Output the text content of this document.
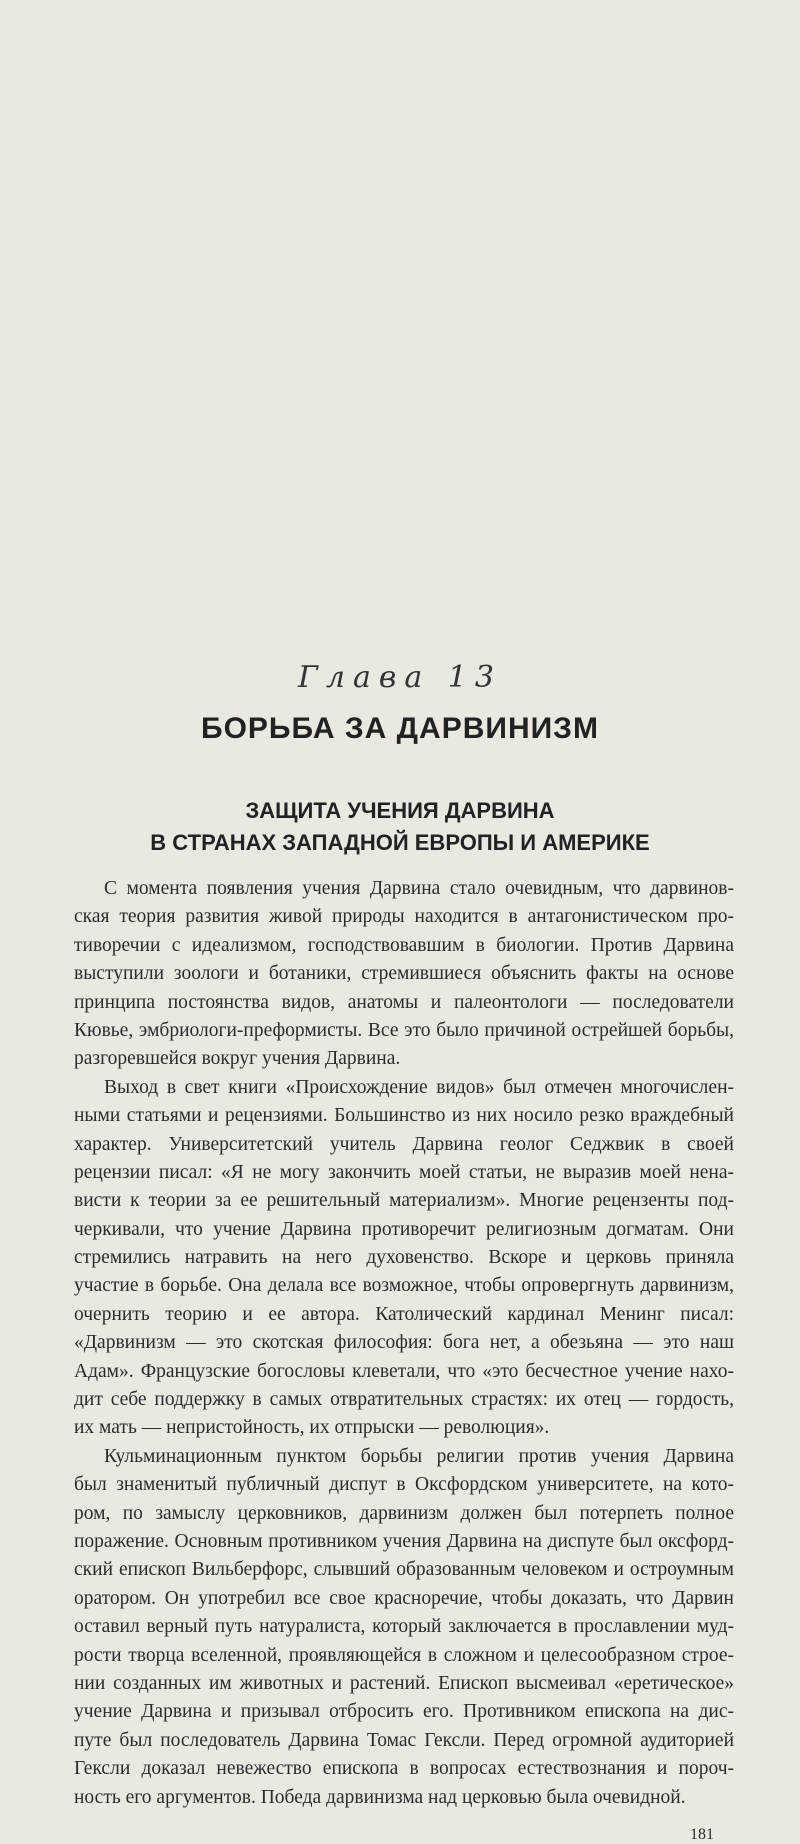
Глава 13
БОРЬБА ЗА ДАРВИНИЗМ
ЗАЩИТА УЧЕНИЯ ДАРВИНА
В СТРАНАХ ЗАПАДНОЙ ЕВРОПЫ И АМЕРИКЕ
С момента появления учения Дарвина стало очевидным, что дарвинов-
ская теория развития живой природы находится в антагонистическом про-
тиворечии с идеализмом, господствовавшим в биологии. Против Дарвина
выступили зоологи и ботаники, стремившиеся объяснить факты на основе
принципа постоянства видов, анатомы и палеонтологи — последователи
Кювье, эмбриологи-преформисты. Все это было причиной острейшей борьбы,
разгоревшейся вокруг учения Дарвина.
Выход в свет книги «Происхождение видов» был отмечен многочислен-
ными статьями и рецензиями. Большинство из них носило резко враждебный
характер. Университетский учитель Дарвина геолог Седжвик в своей
рецензии писал: «Я не могу закончить моей статьи, не выразив моей нена-
висти к теории за ее решительный материализм». Многие рецензенты под-
черкивали, что учение Дарвина противоречит религиозным догматам. Они
стремились натравить на него духовенство. Вскоре и церковь приняла
участие в борьбе. Она делала все возможное, чтобы опровергнуть дарвинизм,
очернить теорию и ее автора. Католический кардинал Менинг писал:
«Дарвинизм — это скотская философия: бога нет, а обезьяна — это наш
Адам». Французские богословы клеветали, что «это бесчестное учение нахо-
дит себе поддержку в самых отвратительных страстях: их отец — гордость,
их мать — непристойность, их отпрыски — революция».
Кульминационным пунктом борьбы религии против учения Дарвина
был знаменитый публичный диспут в Оксфордском университете, на кото-
ром, по замыслу церковников, дарвинизм должен был потерпеть полное
поражение. Основным противником учения Дарвина на диспуте был оксфорд-
ский епископ Вильберфорс, слывший образованным человеком и остроумным
оратором. Он употребил все свое красноречие, чтобы доказать, что Дарвин
оставил верный путь натуралиста, который заключается в прославлении муд-
рости творца вселенной, проявляющейся в сложном и целесообразном строе-
нии созданных им животных и растений. Епископ высмеивал «еретическое»
учение Дарвина и призывал отбросить его. Противником епископа на дис-
путе был последователь Дарвина Томас Гексли. Перед огромной аудиторией
Гексли доказал невежество епископа в вопросах естествознания и пороч-
ность его аргументов. Победа дарвинизма над церковью была очевидной.
181
